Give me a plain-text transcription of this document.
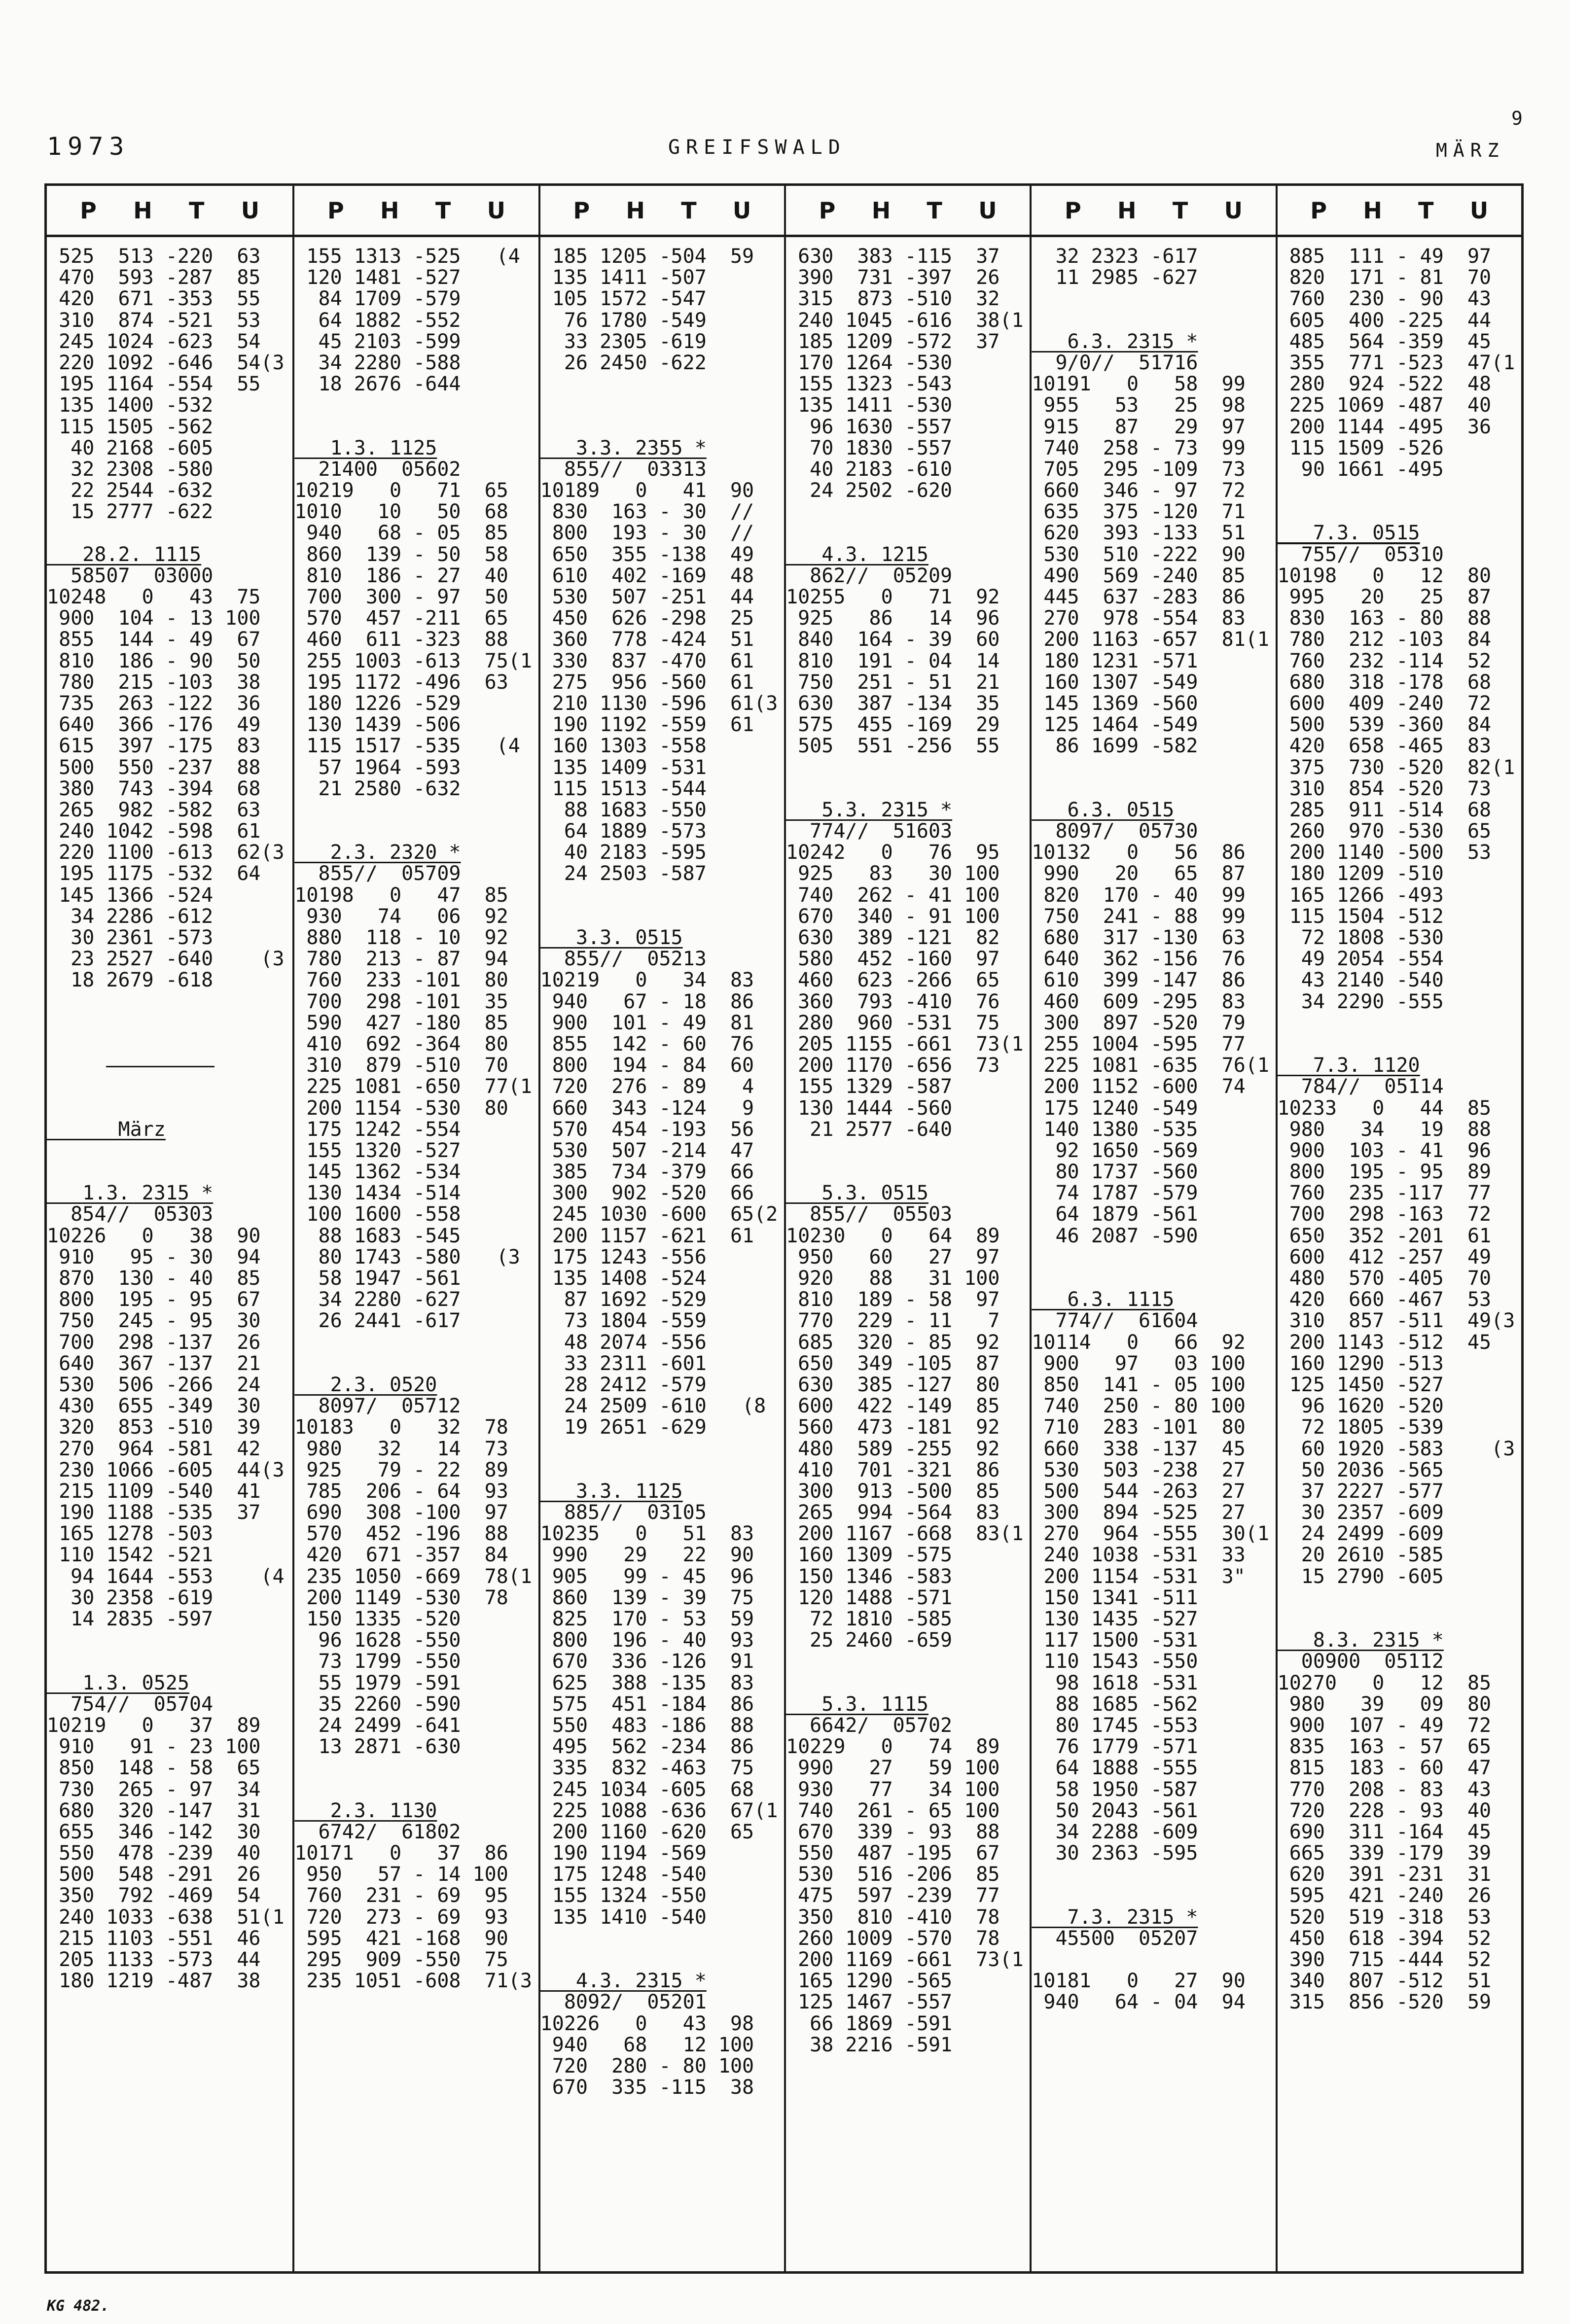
1973	GREIFSWALD
9
MÄRZ
P H T U
525  513 -220  63
470  593 -287  85
420  671 -353  55
310  874 -521  53
245 1024 -623  54
220 1092 -646  54(3
195 1164 -554  55
135 1400 -532
115 1505 -562
40 2168 -605
32 2308 -580
22 2544 -632
15 2777 -622
28.2. 1115
58507  03000
10248   0   43  75
900  104 - 13 100
855  144 - 49  67
810  186 - 90  50
780  215 -103  38
735  263 -122  36
640  366 -176  49
615  397 -175  83
500  550 -237  88
380  743 -394  68
265  982 -582  63
240 1042 -598  61
220 1100 -613  62(3
195 1175 -532  64
145 1366 -524
34 2286 -612
30 2361 -573
23 2527 -640    (3
18 2679 -618
März
1.3. 2315 *
854//  05303
10226   0   38  90
910   95 - 30  94
870  130 - 40  85
800  195 - 95  67
750  245 - 95  30
700  298 -137  26
640  367 -137  21
530  506 -266  24
430  655 -349  30
320  853 -510  39
270  964 -581  42
230 1066 -605  44(3
215 1109 -540  41
190 1188 -535  37
165 1278 -503
110 1542 -521
94 1644 -553    (4
30 2358 -619
14 2835 -597
1.3. 0525
754//  05704
10219   0   37  89
910   91 - 23 100
850  148 - 58  65
730  265 - 97  34
680  320 -147  31
655  346 -142  30
550  478 -239  40
500  548 -291  26
350  792 -469  54
240 1033 -638  51(1
215 1103 -551  46
205 1133 -573  44
180 1219 -487  38
P H T U
155 1313 -525   (4
120 1481 -527
84 1709 -579
64 1882 -552
45 2103 -599
34 2280 -588
18 2676 -644
1.3. 1125
21400  05602
10219   0   71  65
1010   10   50  68
940   68 - 05  85
860  139 - 50  58
810  186 - 27  40
700  300 - 97  50
570  457 -211  65
460  611 -323  88
255 1003 -613  75(1
195 1172 -496  63
180 1226 -529
130 1439 -506
115 1517 -535   (4
57 1964 -593
21 2580 -632
2.3. 2320 *
855//  05709
10198   0   47  85
930   74   06  92
880  118 - 10  92
780  213 - 87  94
760  233 -101  80
700  298 -101  35
590  427 -180  85
410  692 -364  80
310  879 -510  70
225 1081 -650  77(1
200 1154 -530  80
175 1242 -554
155 1320 -527
145 1362 -534
130 1434 -514
100 1600 -558
88 1683 -545
80 1743 -580   (3
58 1947 -561
34 2280 -627
26 2441 -617
2.3. 0520
8097/  05712
10183   0   32  78
980   32   14  73
925   79 - 22  89
785  206 - 64  93
690  308 -100  97
570  452 -196  88
420  671 -357  84
235 1050 -669  78(1
200 1149 -530  78
150 1335 -520
96 1628 -550
73 1799 -550
55 1979 -591
35 2260 -590
24 2499 -641
13 2871 -630
2.3. 1130
6742/  61802
10171   0   37  86
950   57 - 14 100
760  231 - 69  95
720  273 - 69  93
595  421 -168  90
295  909 -550  75
235 1051 -608  71(3
P H T U
185 1205 -504  59
135 1411 -507
105 1572 -547
76 1780 -549
33 2305 -619
26 2450 -622
3.3. 2355 *
855//  03313
10189   0   41  90
830  163 - 30  //
800  193 - 30  //
650  355 -138  49
610  402 -169  48
530  507 -251  44
450  626 -298  25
360  778 -424  51
330  837 -470  61
275  956 -560  61
210 1130 -596  61(3
190 1192 -559  61
160 1303 -558
135 1409 -531
115 1513 -544
88 1683 -550
64 1889 -573
40 2183 -595
24 2503 -587
3.3. 0515
855//  05213
10219   0   34  83
940   67 - 18  86
900  101 - 49  81
855  142 - 60  76
800  194 - 84  60
720  276 - 89   4
660  343 -124   9
570  454 -193  56
530  507 -214  47
385  734 -379  66
300  902 -520  66
245 1030 -600  65(2
200 1157 -621  61
175 1243 -556
135 1408 -524
87 1692 -529
73 1804 -559
48 2074 -556
33 2311 -601
28 2412 -579
24 2509 -610   (8
19 2651 -629
3.3. 1125
885//  03105
10235   0   51  83
990   29   22  90
905   99 - 45  96
860  139 - 39  75
825  170 - 53  59
800  196 - 40  93
670  336 -126  91
625  388 -135  83
575  451 -184  86
550  483 -186  88
495  562 -234  86
335  832 -463  75
245 1034 -605  68
225 1088 -636  67(1
200 1160 -620  65
190 1194 -569
175 1248 -540
155 1324 -550
135 1410 -540
4.3. 2315 *
8092/  05201
10226   0   43  98
940   68   12 100
720  280 - 80 100
670  335 -115  38
P H T U
630  383 -115  37
390  731 -397  26
315  873 -510  32
240 1045 -616  38(1
185 1209 -572  37
170 1264 -530
155 1323 -543
135 1411 -530
96 1630 -557
70 1830 -557
40 2183 -610
24 2502 -620
4.3. 1215
862//  05209
10255   0   71  92
925   86   14  96
840  164 - 39  60
810  191 - 04  14
750  251 - 51  21
630  387 -134  35
575  455 -169  29
505  551 -256  55
5.3. 2315 *
774//  51603
10242   0   76  95
925   83   30 100
740  262 - 41 100
670  340 - 91 100
630  389 -121  82
580  452 -160  97
460  623 -266  65
360  793 -410  76
280  960 -531  75
205 1155 -661  73(1
200 1170 -656  73
155 1329 -587
130 1444 -560
21 2577 -640
5.3. 0515
855//  05503
10230   0   64  89
950   60   27  97
920   88   31 100
810  189 - 58  97
770  229 - 11   7
685  320 - 85  92
650  349 -105  87
630  385 -127  80
600  422 -149  85
560  473 -181  92
480  589 -255  92
410  701 -321  86
300  913 -500  85
265  994 -564  83
200 1167 -668  83(1
160 1309 -575
150 1346 -583
120 1488 -571
72 1810 -585
25 2460 -659
5.3. 1115
6642/  05702
10229   0   74  89
990   27   59 100
930   77   34 100
740  261 - 65 100
670  339 - 93  88
550  487 -195  67
530  516 -206  85
475  597 -239  77
350  810 -410  78
260 1009 -570  78
200 1169 -661  73(1
165 1290 -565
125 1467 -557
66 1869 -591
38 2216 -591
P H T U
32 2323 -617
11 2985 -627
6.3. 2315 *
9/0//  51716
10191   0   58  99
955   53   25  98
915   87   29  97
740  258 - 73  99
705  295 -109  73
660  346 - 97  72
635  375 -120  71
620  393 -133  51
530  510 -222  90
490  569 -240  85
445  637 -283  86
270  978 -554  83
200 1163 -657  81(1
180 1231 -571
160 1307 -549
145 1369 -560
125 1464 -549
86 1699 -582
6.3. 0515
8097/  05730
10132   0   56  86
990   20   65  87
820  170 - 40  99
750  241 - 88  99
680  317 -130  63
640  362 -156  76
610  399 -147  86
460  609 -295  83
300  897 -520  79
255 1004 -595  77
225 1081 -635  76(1
200 1152 -600  74
175 1240 -549
140 1380 -535
92 1650 -569
80 1737 -560
74 1787 -579
64 1879 -561
46 2087 -590
6.3. 1115
774//  61604
10114   0   66  92
900   97   03 100
850  141 - 05 100
740  250 - 80 100
710  283 -101  80
660  338 -137  45
530  503 -238  27
500  544 -263  27
300  894 -525  27
270  964 -555  30(1
240 1038 -531  33
200 1154 -531  3"
150 1341 -511
130 1435 -527
117 1500 -531
110 1543 -550
98 1618 -531
88 1685 -562
80 1745 -553
76 1779 -571
64 1888 -555
58 1950 -587
50 2043 -561
34 2288 -609
30 2363 -595
7.3. 2315 *
45500  05207
10181   0   27  90
940   64 - 04  94
P H T U
885  111 - 49  97
820  171 - 81  70
760  230 - 90  43
605  400 -225  44
485  564 -359  45
355  771 -523  47(1
280  924 -522  48
225 1069 -487  40
200 1144 -495  36
115 1509 -526
90 1661 -495
7.3. 0515
755//  05310
10198   0   12  80
995   20   25  87
830  163 - 80  88
780  212 -103  84
760  232 -114  52
680  318 -178  68
600  409 -240  72
500  539 -360  84
420  658 -465  83
375  730 -520  82(1
310  854 -520  73
285  911 -514  68
260  970 -530  65
200 1140 -500  53
180 1209 -510
165 1266 -493
115 1504 -512
72 1808 -530
49 2054 -554
43 2140 -540
34 2290 -555
7.3. 1120
784//  05114
10233   0   44  85
980   34   19  88
900  103 - 41  96
800  195 - 95  89
760  235 -117  77
700  298 -163  72
650  352 -201  61
600  412 -257  49
480  570 -405  70
420  660 -467  53
310  857 -511  49(3
200 1143 -512  45
160 1290 -513
125 1450 -527
96 1620 -520
72 1805 -539
60 1920 -583    (3
50 2036 -565
37 2227 -577
30 2357 -609
24 2499 -609
20 2610 -585
15 2790 -605
8.3. 2315 *
00900  05112
10270   0   12  85
980   39   09  80
900  107 - 49  72
835  163 - 57  65
815  183 - 60  47
770  208 - 83  43
720  228 - 93  40
690  311 -164  45
665  339 -179  39
620  391 -231  31
595  421 -240  26
520  519 -318  53
450  618 -394  52
390  715 -444  52
340  807 -512  51
315  856 -520  59
KG 482.
